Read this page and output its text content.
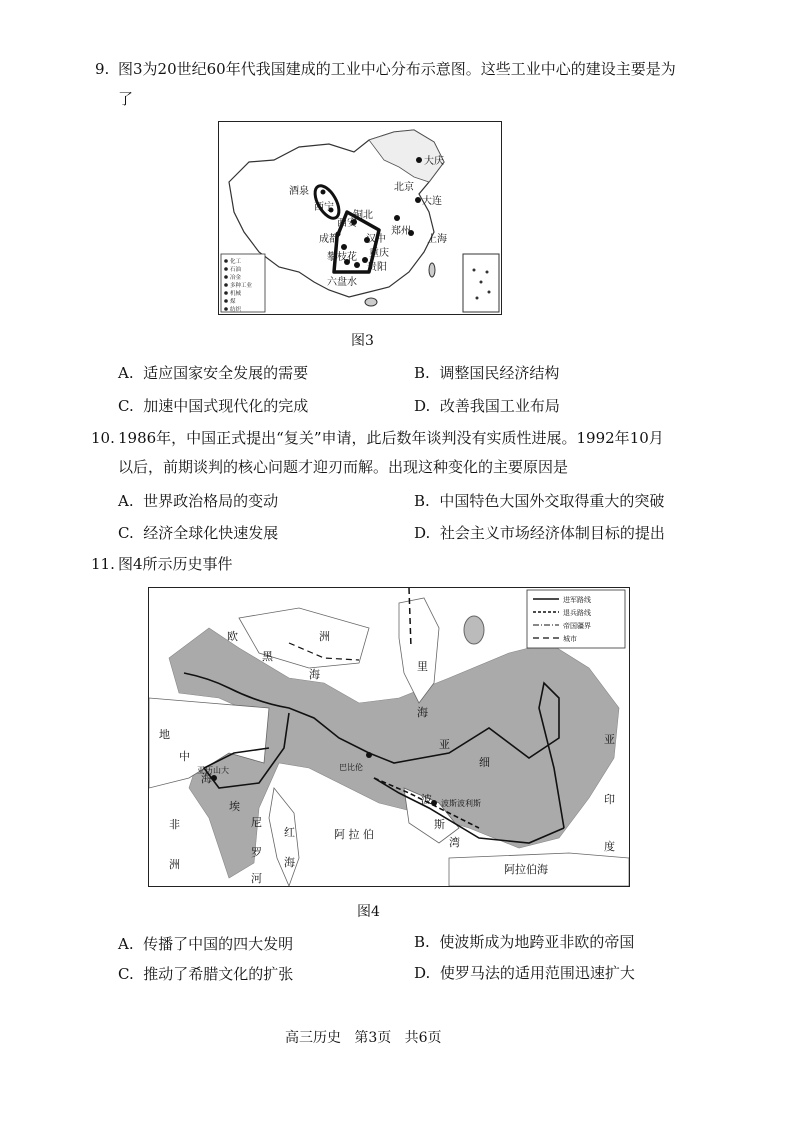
9. 图3为20世纪60年代我国建成的工业中心分布示意图。这些工业中心的建设主要是为
了
化工
石油
冶金
多种工业
机械
煤
纺织
大庆
北京
大连
酒泉
西宁
西安
铜北
成都	汉中
郑州
上海
攀枝花 重庆
贵阳
六盘水
图3
A. 适应国家安全发展的需要	B. 调整国民经济结构
C. 加速中国式现代化的完成	D. 改善我国工业布局
10. 1986年，中国正式提出“复关”申请，此后数年谈判没有实质性进展。1992年10月
以后，前期谈判的核心问题才迎刃而解。出现这种变化的主要原因是
A. 世界政治格局的变动	B. 中国特色大国外交取得重大的突破
C. 经济全球化快速发展	D. 社会主义市场经济体制目标的提出
11. 图4所示历史事件
进军路线
退兵路线
帝国疆界
城市
欧	洲
黑
海
里
海
地
中
海
非
洲
亚
细
亚
印
度
阿 拉 伯
阿拉伯海
波
斯
湾
红
海
尼
罗
河
埃
亚历山大	巴比伦
波斯波利斯
图4
A. 传播了中国的四大发明	B. 使波斯成为地跨亚非欧的帝国
C. 推动了希腊文化的扩张	D. 使罗马法的适用范围迅速扩大
高三历史   第3页   共6页
